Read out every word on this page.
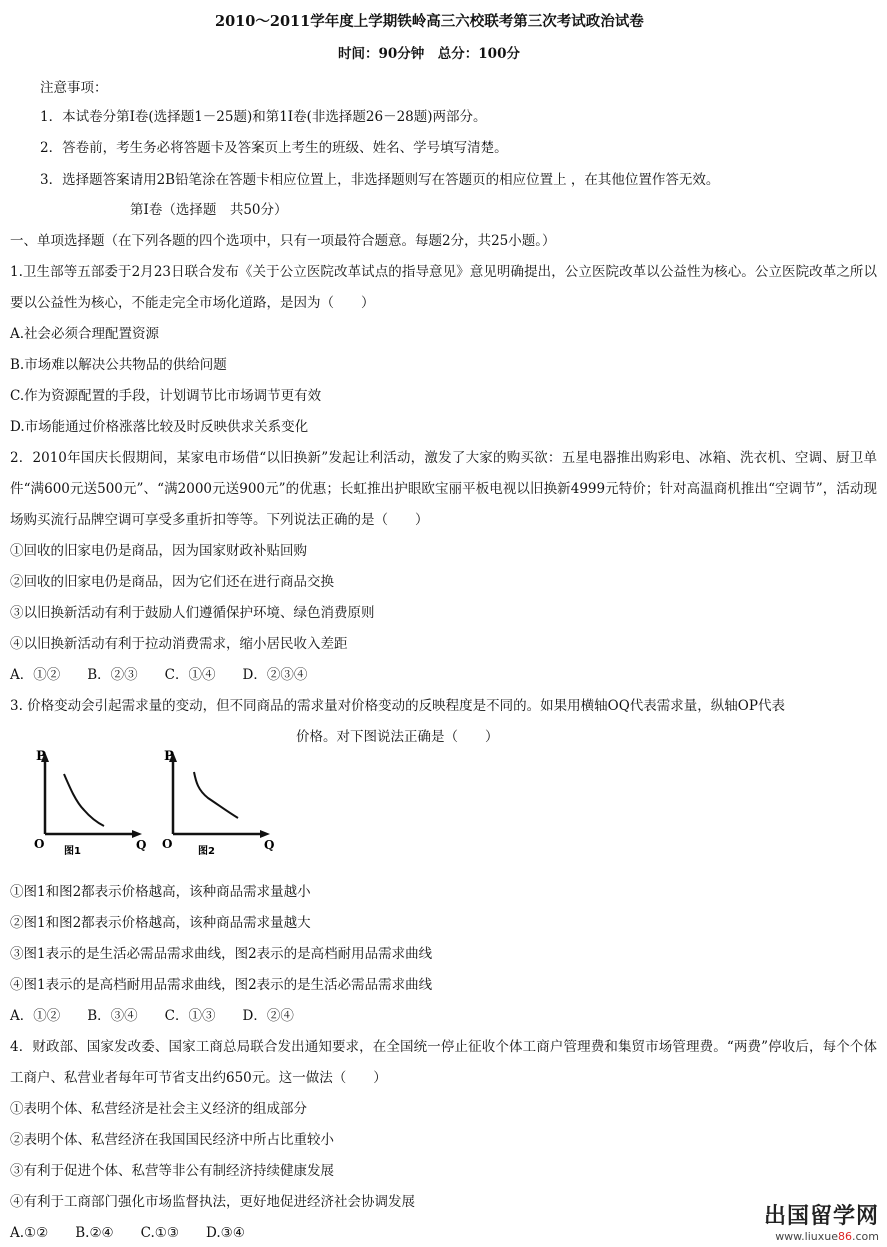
2010～2011学年度上学期铁岭高三六校联考第三次考试政治试卷
时间：90分钟　总分：100分
注意事项：
1．本试卷分第Ⅰ卷(选择题1－25题)和第1I卷(非选择题26－28题)两部分。
2．答卷前，考生务必将答题卡及答案页上考生的班级、姓名、学号填写清楚。
3．选择题答案请用2B铅笔涂在答题卡相应位置上，非选择题则写在答题页的相应位置上 ，在其他位置作答无效。
第Ⅰ卷（选择题　共50分）
一、单项选择题（在下列各题的四个选项中，只有一项最符合题意。每题2分，共25小题。）
1.卫生部等五部委于2月23日联合发布《关于公立医院改革试点的指导意见》意见明确提出，公立医院改革以公益性为核心。公立医院改革之所以要以公益性为核心，不能走完全市场化道路，是因为（　　）
A.社会必须合理配置资源
B.市场难以解决公共物品的供给问题
C.作为资源配置的手段，计划调节比市场调节更有效
D.市场能通过价格涨落比较及时反映供求关系变化
2．2010年国庆长假期间，某家电市场借“以旧换新”发起让利活动，激发了大家的购买欲：五星电器推出购彩电、冰箱、洗衣机、空调、厨卫单件“满600元送500元”、“满2000元送900元”的优惠；长虹推出护眼欧宝丽平板电视以旧换新4999元特价；针对高温商机推出“空调节”，活动现场购买流行品牌空调可享受多重折扣等等。下列说法正确的是（　　）
①回收的旧家电仍是商品，因为国家财政补贴回购
②回收的旧家电仍是商品，因为它们还在进行商品交换
③以旧换新活动有利于鼓励人们遵循保护环境、绿色消费原则
④以旧换新活动有利于拉动消费需求，缩小居民收入差距
A．①②　　B．②③　　C．①④　　D．②③④
3. 价格变动会引起需求量的变动，但不同商品的需求量对价格变动的反映程度是不同的。如果用横轴OQ代表需求量，纵轴OP代表
价格。对下图说法正确是（　　）
P
O	Q
图1
P
O	Q
图2
①图1和图2都表示价格越高，该种商品需求量越小
②图1和图2都表示价格越高，该种商品需求量越大
③图1表示的是生活必需品需求曲线，图2表示的是高档耐用品需求曲线
④图1表示的是高档耐用品需求曲线，图2表示的是生活必需品需求曲线
A．①②　　B．③④　　C．①③　　D．②④
4．财政部、国家发改委、国家工商总局联合发出通知要求，在全国统一停止征收个体工商户管理费和集贸市场管理费。“两费”停收后，每个个体工商户、私营业者每年可节省支出约650元。这一做法（　　）
①表明个体、私营经济是社会主义经济的组成部分
②表明个体、私营经济在我国国民经济中所占比重较小
③有利于促进个体、私营等非公有制经济持续健康发展
④有利于工商部门强化市场监督执法，更好地促进经济社会协调发展
A.①②　　B.②④　　C.①③　　D.③④
出国留学网
www.liuxue86.com
